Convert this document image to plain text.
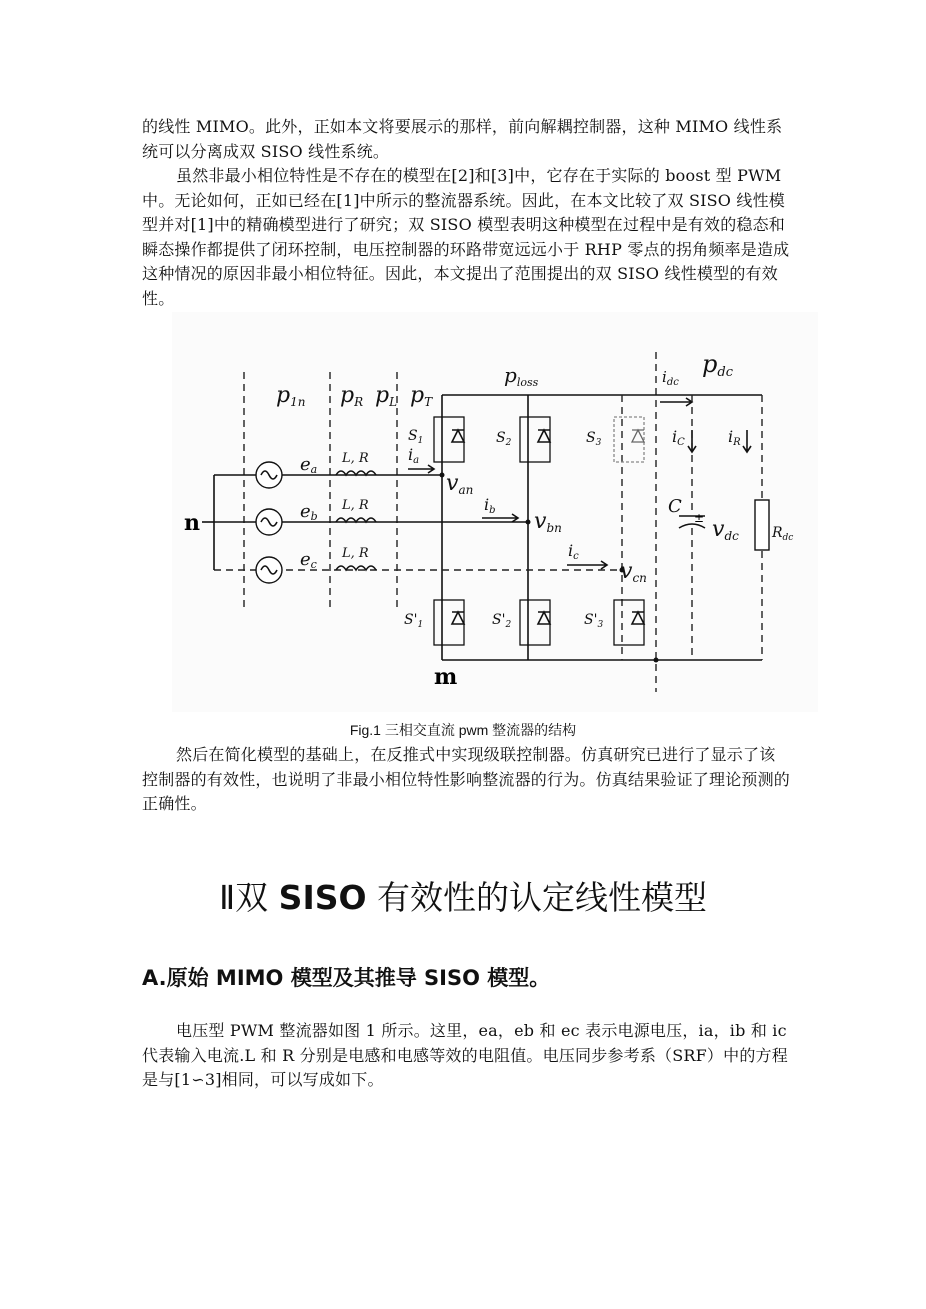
的线性 MIMO。此外，正如本文将要展示的那样，前向解耦控制器，这种 MIMO 线性系统可以分离成双 SISO 线性系统。

虽然非最小相位特性是不存在的模型在[2]和[3]中，它存在于实际的 boost 型 PWM 中。无论如何，正如已经在[1]中所示的整流器系统。因此，在本文比较了双 SISO 线性模型并对[1]中的精确模型进行了研究；双 SISO 模型表明这种模型在过程中是有效的稳态和瞬态操作都提供了闭环控制，电压控制器的环路带宽远远小于 RHP 零点的拐角频率是造成这种情况的原因非最小相位特征。因此，本文提出了范围提出的双 SISO 线性模型的有效性。

p1n pR pL pT
$p_{loss}$
pdc
$i_{dc}$
iC	iR
ea
eb
ec
L, R
L, R
L, R
ia
ib
ic
van
vbn
vcn
n
m
C
± vdc $R_{dc}$
$S_1$	$S_2$	$S_3$
$S'_1$	$S'_2$	$S'_3$
Fig.1 三相交直流 pwm 整流器的结构

然后在简化模型的基础上，在反推式中实现级联控制器。仿真研究已进行了显示了该控制器的有效性，也说明了非最小相位特性影响整流器的行为。仿真结果验证了理论预测的正确性。

Ⅱ双 SISO 有效性的认定线性模型
A.原始 MIMO 模型及其推导 SISO 模型。

电压型 PWM 整流器如图 1 所示。这里，ea，eb 和 ec 表示电源电压，ia，ib 和 ic 代表输入电流.L 和 R 分别是电感和电感等效的电阻值。电压同步参考系（SRF）中的方程是与[1∽3]相同，可以写成如下。
